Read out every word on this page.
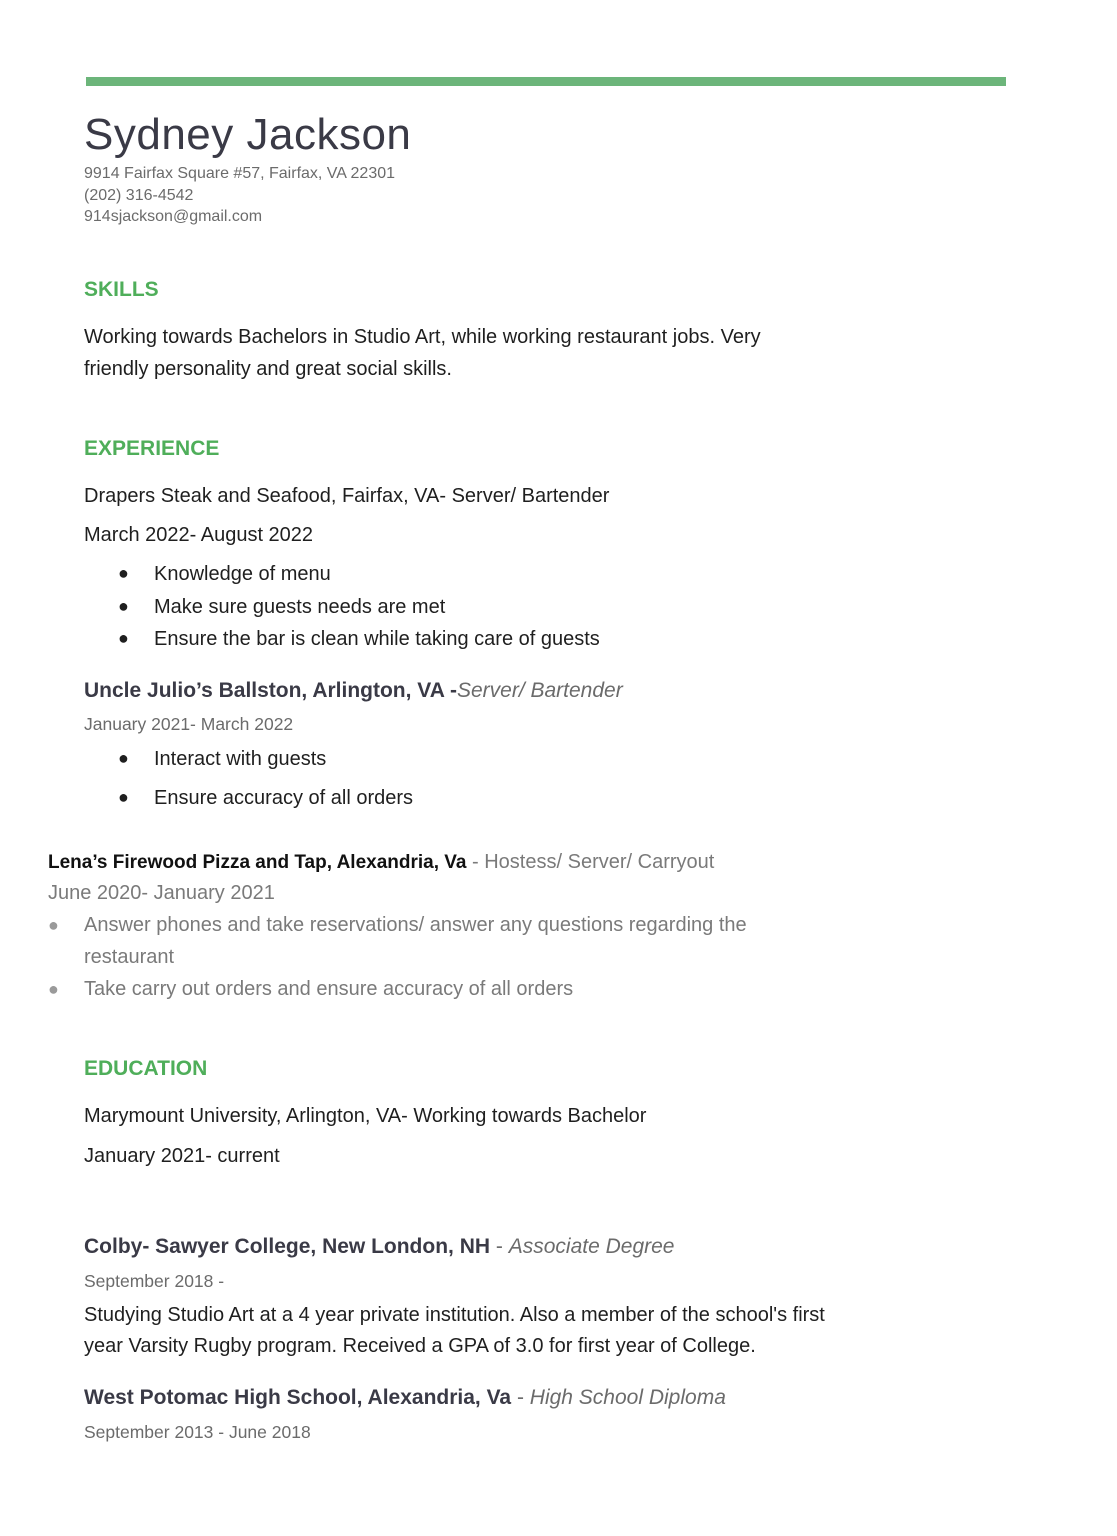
Sydney Jackson
9914 Fairfax Square #57, Fairfax, VA 22301
(202) 316-4542
914sjackson@gmail.com
SKILLS
Working towards Bachelors in Studio Art, while working restaurant jobs. Very
friendly personality and great social skills.
EXPERIENCE
Drapers Steak and Seafood, Fairfax, VA- Server/ Bartender
March 2022- August 2022
● Knowledge of menu
● Make sure guests needs are met
● Ensure the bar is clean while taking care of guests
Uncle Julio’s Ballston, Arlington, VA -Server/ Bartender
January 2021- March 2022
● Interact with guests
● Ensure accuracy of all orders
Lena’s Firewood Pizza and Tap, Alexandria, Va - Hostess/ Server/ Carryout
June 2020- January 2021
● Answer phones and take reservations/ answer any questions regarding the
restaurant
● Take carry out orders and ensure accuracy of all orders
EDUCATION
Marymount University, Arlington, VA- Working towards Bachelor
January 2021- current
Colby- Sawyer College, New London, NH - Associate Degree
September 2018 -
Studying Studio Art at a 4 year private institution. Also a member of the school's first
year Varsity Rugby program. Received a GPA of 3.0 for first year of College.
West Potomac High School, Alexandria, Va - High School Diploma
September 2013 - June 2018
